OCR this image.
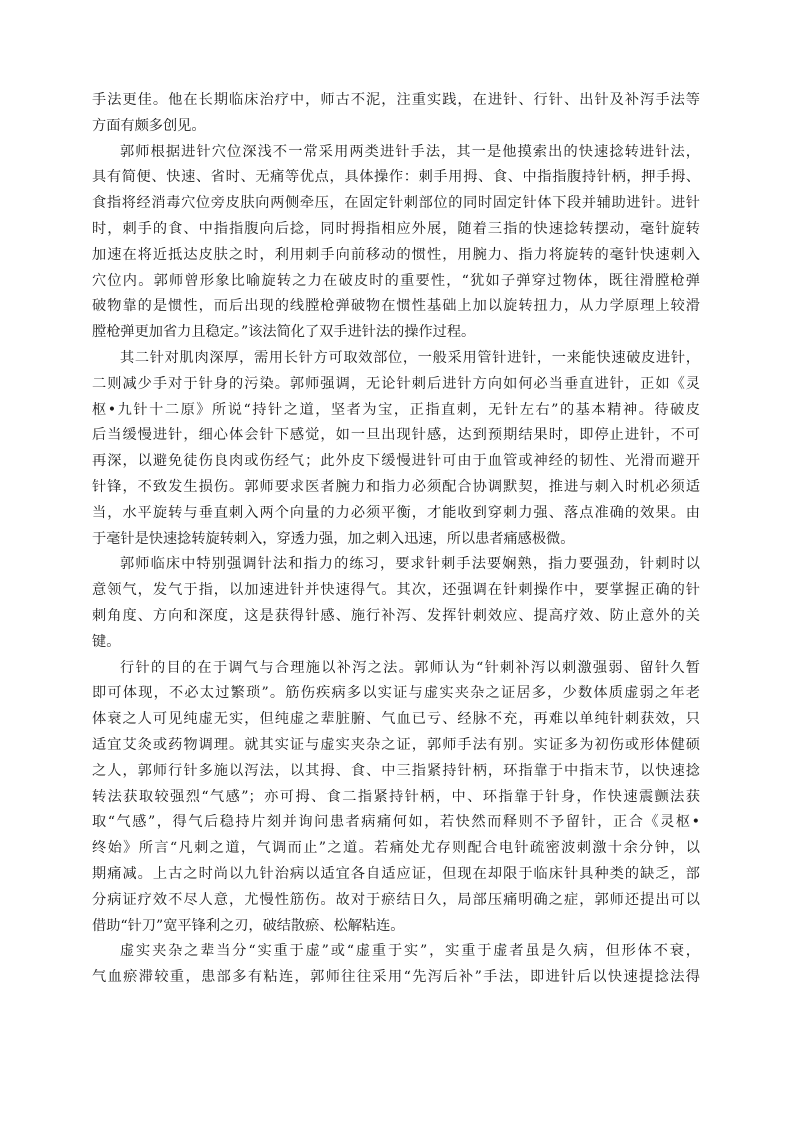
手法更佳。他在长期临床治疗中，师古不泥，注重实践，在进针、行针、出针及补泻手法等
方面有颇多创见。
郭师根据进针穴位深浅不一常采用两类进针手法，其一是他摸索出的快速捻转进针法，
具有简便、快速、省时、无痛等优点，具体操作：刺手用拇、食、中指指腹持针柄，押手拇、
食指将经消毒穴位旁皮肤向两侧牵压，在固定针刺部位的同时固定针体下段并辅助进针。进针
时，刺手的食、中指指腹向后捻，同时拇指相应外展，随着三指的快速捻转摆动，毫针旋转
加速在将近抵达皮肤之时，利用刺手向前移动的惯性，用腕力、指力将旋转的毫针快速刺入
穴位内。郭师曾形象比喻旋转之力在破皮时的重要性，“犹如子弹穿过物体，既往滑膛枪弹
破物靠的是惯性，而后出现的线膛枪弹破物在惯性基础上加以旋转扭力，从力学原理上较滑
膛枪弹更加省力且稳定。”该法简化了双手进针法的操作过程。
其二针对肌肉深厚，需用长针方可取效部位，一般采用管针进针，一来能快速破皮进针，
二则减少手对于针身的污染。郭师强调，无论针刺后进针方向如何必当垂直进针，正如《灵
枢•九针十二原》所说“持针之道，坚者为宝，正指直刺，无针左右”的基本精神。待破皮
后当缓慢进针，细心体会针下感觉，如一旦出现针感，达到预期结果时，即停止进针，不可
再深，以避免徒伤良肉或伤经气；此外皮下缓慢进针可由于血管或神经的韧性、光滑而避开
针锋，不致发生损伤。郭师要求医者腕力和指力必须配合协调默契，推进与刺入时机必须适
当，水平旋转与垂直刺入两个向量的力必须平衡，才能收到穿刺力强、落点准确的效果。由
于毫针是快速捻转旋转刺入，穿透力强，加之刺入迅速，所以患者痛感极微。
郭师临床中特别强调针法和指力的练习，要求针刺手法要娴熟，指力要强劲，针刺时以
意领气，发气于指，以加速进针并快速得气。其次，还强调在针刺操作中，要掌握正确的针
刺角度、方向和深度，这是获得针感、施行补泻、发挥针刺效应、提高疗效、防止意外的关
键。
行针的目的在于调气与合理施以补泻之法。郭师认为“针刺补泻以刺激强弱、留针久暂
即可体现，不必太过繁琐”。筋伤疾病多以实证与虚实夹杂之证居多，少数体质虚弱之年老
体衰之人可见纯虚无实，但纯虚之辈脏腑、气血已亏、经脉不充，再难以单纯针刺获效，只
适宜艾灸或药物调理。就其实证与虚实夹杂之证，郭师手法有别。实证多为初伤或形体健硕
之人，郭师行针多施以泻法，以其拇、食、中三指紧持针柄，环指靠于中指末节，以快速捻
转法获取较强烈“气感”；亦可拇、食二指紧持针柄，中、环指靠于针身，作快速震颤法获
取“气感”，得气后稳持片刻并询问患者病痛何如，若快然而释则不予留针，正合《灵枢•
终始》所言“凡刺之道，气调而止”之道。若痛处尤存则配合电针疏密波刺激十余分钟，以
期痛减。上古之时尚以九针治病以适宜各自适应证，但现在却限于临床针具种类的缺乏，部
分病证疗效不尽人意，尤慢性筋伤。故对于瘀结日久，局部压痛明确之症，郭师还提出可以
借助“针刀”宽平锋利之刃，破结散瘀、松解粘连。
虚实夹杂之辈当分“实重于虚”或“虚重于实”，实重于虚者虽是久病，但形体不衰，
气血瘀滞较重，患部多有粘连，郭师往往采用“先泻后补”手法，即进针后以快速提捻法得
